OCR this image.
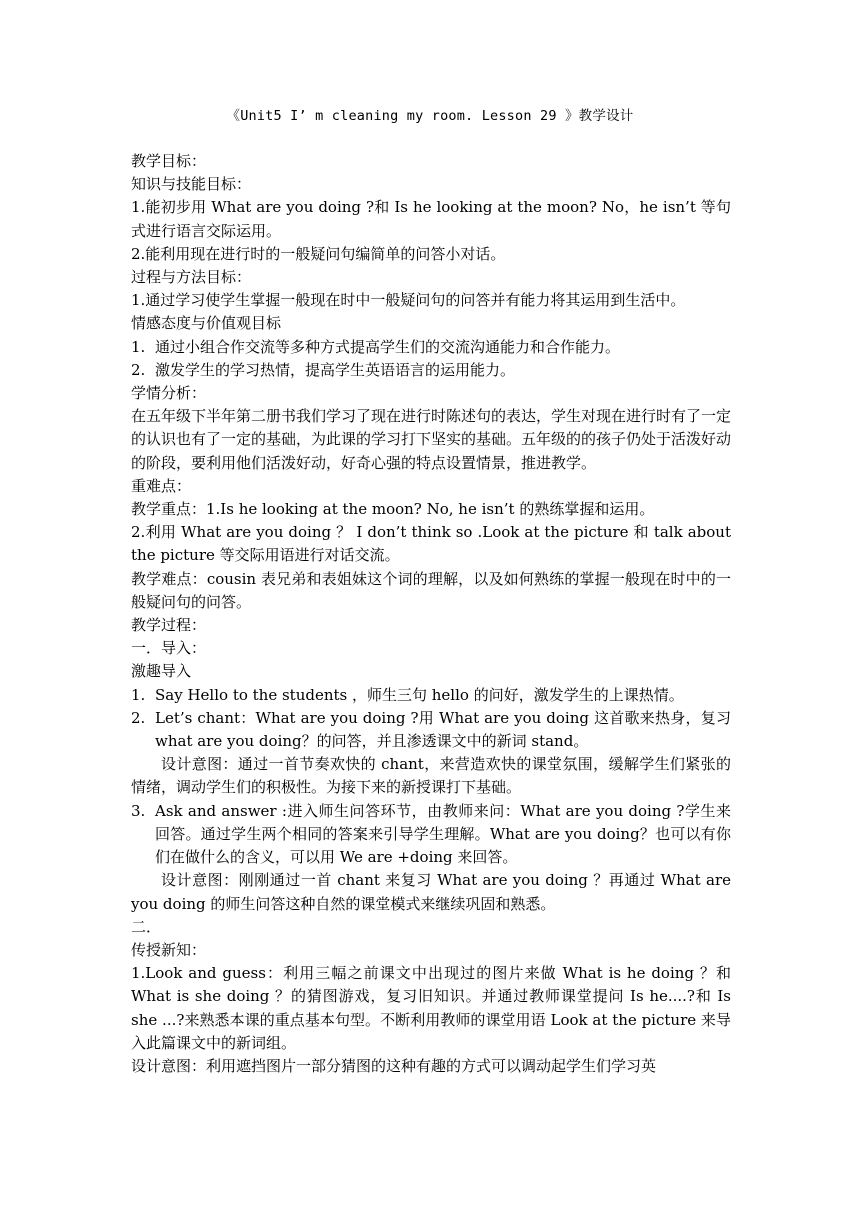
《Unit5 I’ m cleaning my room. Lesson 29 》教学设计

教学目标：

知识与技能目标：

1.能初步用 What are you doing ?和 Is he looking at the moon? No，he isn’t 等句式进行语言交际运用。

2.能利用现在进行时的一般疑问句编简单的问答小对话。

过程与方法目标：

1.通过学习使学生掌握一般现在时中一般疑问句的问答并有能力将其运用到生活中。

情感态度与价值观目标

1. 通过小组合作交流等多种方式提高学生们的交流沟通能力和合作能力。
2. 激发学生的学习热情，提高学生英语语言的运用能力。

学情分析：

在五年级下半年第二册书我们学习了现在进行时陈述句的表达，学生对现在进行时有了一定的认识也有了一定的基础，为此课的学习打下坚实的基础。五年级的的孩子仍处于活泼好动的阶段，要利用他们活泼好动，好奇心强的特点设置情景，推进教学。

重难点：

教学重点：1.Is he looking at the moon? No, he isn’t 的熟练掌握和运用。

2.利用 What are you doing ？ I don’t think so .Look at the picture 和 talk about the picture 等交际用语进行对话交流。

教学难点：cousin 表兄弟和表姐妹这个词的理解，以及如何熟练的掌握一般现在时中的一般疑问句的问答。

教学过程：

一．导入：

激趣导入

1. Say Hello to the students ，师生三句 hello 的问好，激发学生的上课热情。
2. Let’s chant：What are you doing ?用 What are you doing 这首歌来热身，复习 what are you doing？的问答，并且渗透课文中的新词 stand。

设计意图：通过一首节奏欢快的 chant，来营造欢快的课堂氛围，缓解学生们紧张的情绪，调动学生们的积极性。为接下来的新授课打下基础。

3. Ask and answer :进入师生问答环节，由教师来问：What are you doing ?学生来回答。通过学生两个相同的答案来引导学生理解。What are you doing？也可以有你们在做什么的含义，可以用 We are +doing 来回答。

设计意图：刚刚通过一首 chant 来复习 What are you doing ？再通过 What are you doing 的师生问答这种自然的课堂模式来继续巩固和熟悉。

二．

传授新知：

1.Look and guess：利用三幅之前课文中出现过的图片来做 What is he doing ？和 What is she doing ？的猜图游戏，复习旧知识。并通过教师课堂提问 Is he....?和 Is she ...?来熟悉本课的重点基本句型。不断利用教师的课堂用语 Look at the picture 来导入此篇课文中的新词组。

设计意图：利用遮挡图片一部分猜图的这种有趣的方式可以调动起学生们学习英
